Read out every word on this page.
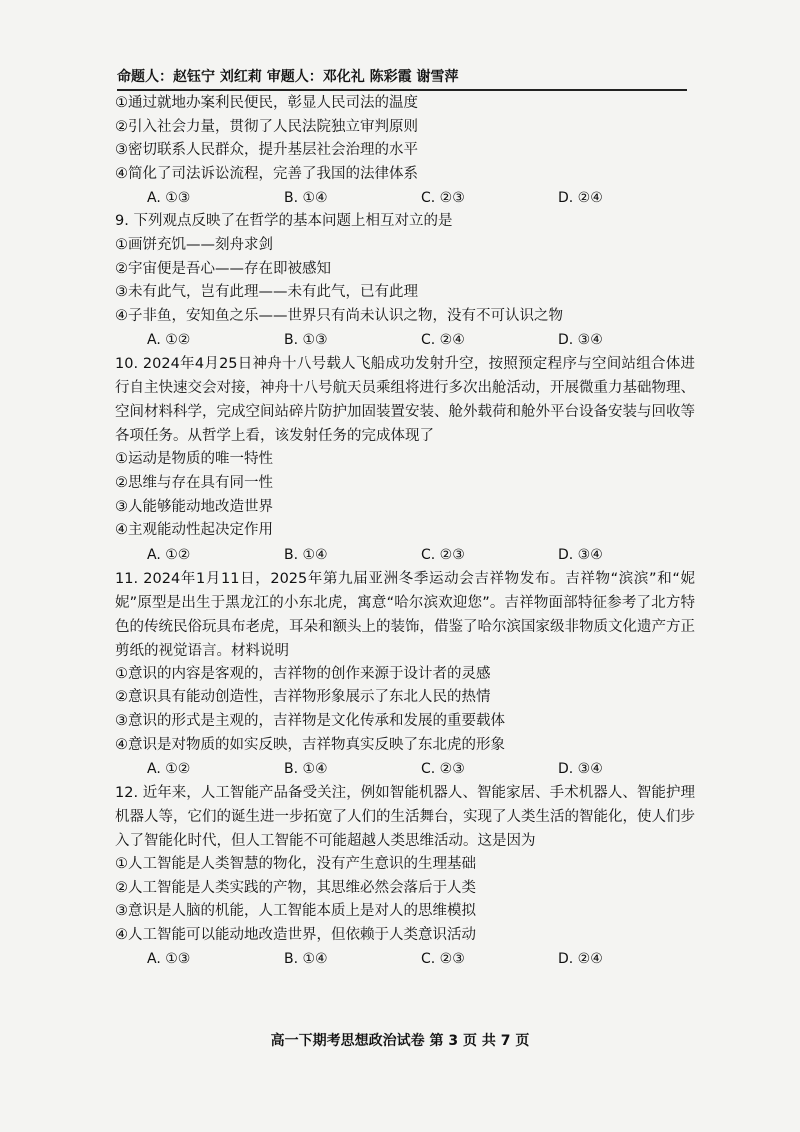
命题人：赵钰宁 刘红莉 审题人：邓化礼 陈彩霞 谢雪萍
①通过就地办案利民便民，彰显人民司法的温度
②引入社会力量，贯彻了人民法院独立审判原则
③密切联系人民群众，提升基层社会治理的水平
④简化了司法诉讼流程，完善了我国的法律体系
A. ①③	B. ①④	C. ②③	D. ②④
9. 下列观点反映了在哲学的基本问题上相互对立的是
①画饼充饥——刻舟求剑
②宇宙便是吾心——存在即被感知
③未有此气，岂有此理——未有此气，已有此理
④子非鱼，安知鱼之乐——世界只有尚未认识之物，没有不可认识之物
A. ①②	B. ①③	C. ②④	D. ③④
10. 2024年4月25日神舟十八号载人飞船成功发射升空，按照预定程序与空间站组合体进行自主快速交会对接，神舟十八号航天员乘组将进行多次出舱活动，开展微重力基础物理、空间材料科学，完成空间站碎片防护加固装置安装、舱外载荷和舱外平台设备安装与回收等各项任务。从哲学上看，该发射任务的完成体现了
①运动是物质的唯一特性
②思维与存在具有同一性
③人能够能动地改造世界
④主观能动性起决定作用
A. ①②	B. ①④	C. ②③	D. ③④
11. 2024年1月11日，2025年第九届亚洲冬季运动会吉祥物发布。吉祥物“滨滨”和“妮妮”原型是出生于黑龙江的小东北虎，寓意“哈尔滨欢迎您”。吉祥物面部特征参考了北方特色的传统民俗玩具布老虎，耳朵和额头上的装饰，借鉴了哈尔滨国家级非物质文化遗产方正剪纸的视觉语言。材料说明
①意识的内容是客观的，吉祥物的创作来源于设计者的灵感
②意识具有能动创造性，吉祥物形象展示了东北人民的热情
③意识的形式是主观的，吉祥物是文化传承和发展的重要载体
④意识是对物质的如实反映，吉祥物真实反映了东北虎的形象
A. ①②	B. ①④	C. ②③	D. ③④
12. 近年来，人工智能产品备受关注，例如智能机器人、智能家居、手术机器人、智能护理机器人等，它们的诞生进一步拓宽了人们的生活舞台，实现了人类生活的智能化，使人们步入了智能化时代，但人工智能不可能超越人类思维活动。这是因为
①人工智能是人类智慧的物化，没有产生意识的生理基础
②人工智能是人类实践的产物，其思维必然会落后于人类
③意识是人脑的机能，人工智能本质上是对人的思维模拟
④人工智能可以能动地改造世界，但依赖于人类意识活动
A. ①③	B. ①④	C. ②③	D. ②④
高一下期考思想政治试卷 第 3 页 共 7 页
